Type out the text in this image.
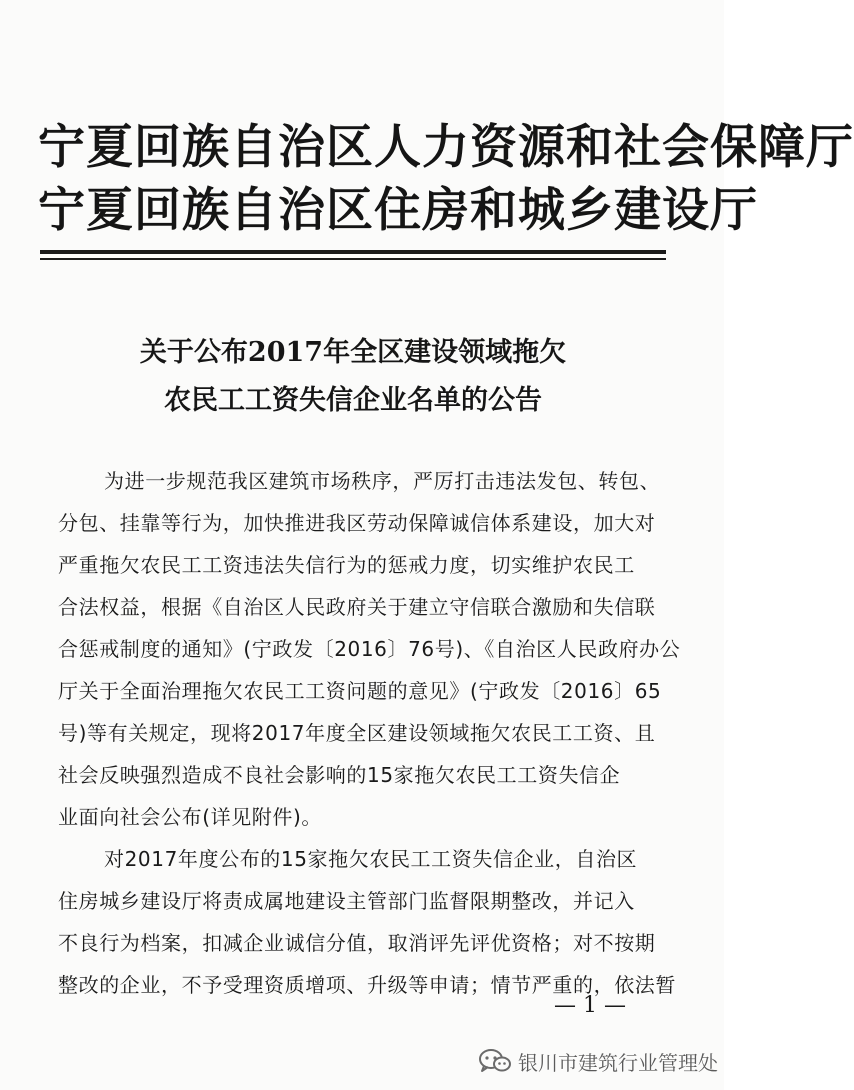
宁夏回族自治区人力资源和社会保障厅
宁夏回族自治区住房和城乡建设厅
关于公布2017年全区建设领域拖欠
农民工工资失信企业名单的公告
为进一步规范我区建筑市场秩序，严厉打击违法发包、转包、
分包、挂靠等行为，加快推进我区劳动保障诚信体系建设，加大对
严重拖欠农民工工资违法失信行为的惩戒力度，切实维护农民工
合法权益，根据《自治区人民政府关于建立守信联合激励和失信联
合惩戒制度的通知》(宁政发〔2016〕76号)、《自治区人民政府办公
厅关于全面治理拖欠农民工工资问题的意见》(宁政发〔2016〕65
号)等有关规定，现将2017年度全区建设领域拖欠农民工工资、且
社会反映强烈造成不良社会影响的15家拖欠农民工工资失信企
业面向社会公布(详见附件)。
对2017年度公布的15家拖欠农民工工资失信企业，自治区
住房城乡建设厅将责成属地建设主管部门监督限期整改，并记入
不良行为档案，扣减企业诚信分值，取消评先评优资格；对不按期
整改的企业，不予受理资质增项、升级等申请；情节严重的，依法暂
— 1 —
银川市建筑行业管理处
